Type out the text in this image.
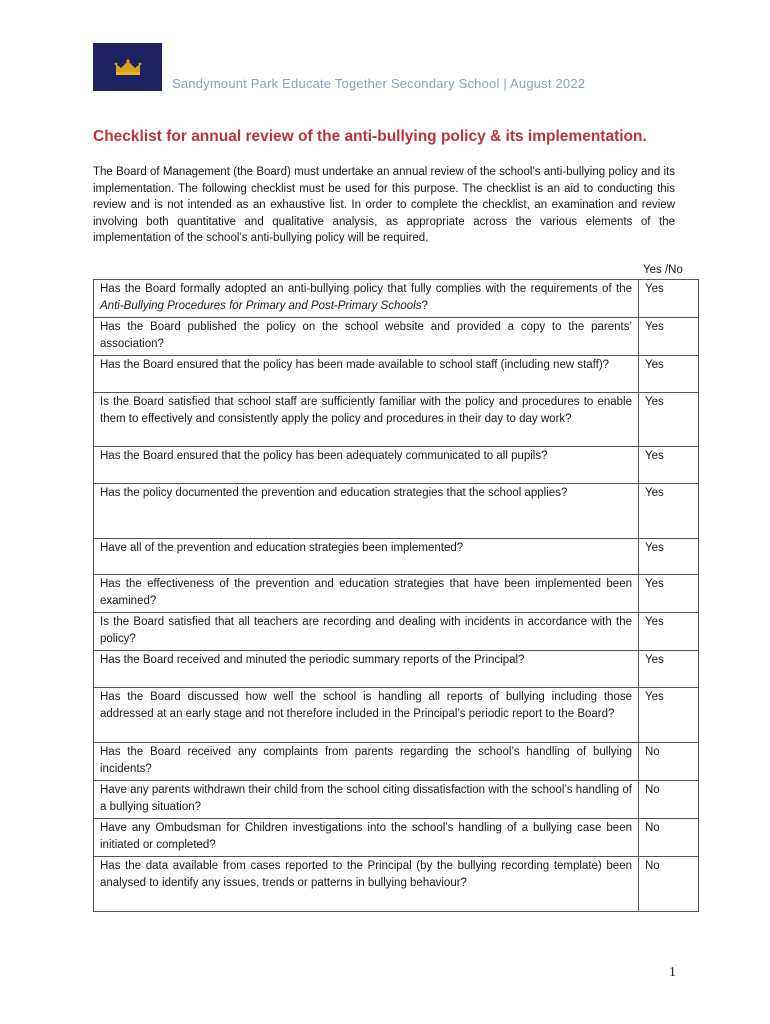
Sandymount Park Educate Together Secondary School | August 2022
Checklist for annual review of the anti-bullying policy & its implementation.
The Board of Management (the Board) must undertake an annual review of the school’s anti-bullying policy and its implementation. The following checklist must be used for this purpose. The checklist is an aid to conducting this review and is not intended as an exhaustive list. In order to complete the checklist, an examination and review involving both quantitative and qualitative analysis, as appropriate across the various elements of the implementation of the school’s anti-bullying policy will be required.
Yes /No
Has the Board formally adopted an anti-bullying policy that fully complies with the requirements of the Anti-Bullying Procedures for Primary and Post-Primary Schools?	Yes
Has the Board published the policy on the school website and provided a copy to the parents’ association?	Yes
Has the Board ensured that the policy has been made available to school staff (including new staff)?	Yes
Is the Board satisfied that school staff are sufficiently familiar with the policy and procedures to enable them to effectively and consistently apply the policy and procedures in their day to day work?	Yes
Has the Board ensured that the policy has been adequately communicated to all pupils?	Yes
Has the policy documented the prevention and education strategies that the school applies?	Yes
Have all of the prevention and education strategies been implemented?	Yes
Has the effectiveness of the prevention and education strategies that have been implemented been examined?	Yes
Is the Board satisfied that all teachers are recording and dealing with incidents in accordance with the policy?	Yes
Has the Board received and minuted the periodic summary reports of the Principal?	Yes
Has the Board discussed how well the school is handling all reports of bullying including those addressed at an early stage and not therefore included in the Principal’s periodic report to the Board?	Yes
Has the Board received any complaints from parents regarding the school’s handling of bullying incidents?	No
Have any parents withdrawn their child from the school citing dissatisfaction with the school’s handling of a bullying situation?	No
Have any Ombudsman for Children investigations into the school’s handling of a bullying case been initiated or completed?	No
Has the data available from cases reported to the Principal (by the bullying recording template) been analysed to identify any issues, trends or patterns in bullying behaviour?	No
1
